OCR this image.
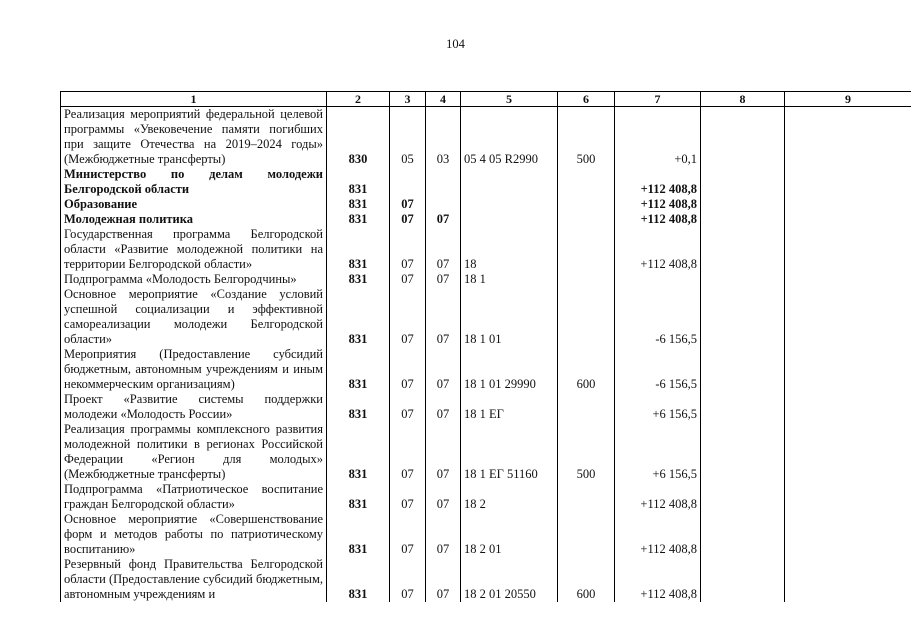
104
1	2	3	4	5	6	7	8	9
Реализация мероприятий федеральной целевой программы «Увековечение памяти погибших при защите Отечества на 2019–2024 годы» (Межбюджетные трансферты)	830	05	03	05 4 05 R2990	500	+0,1		
Министерство по делам молодежи Белгородской области	831					+112 408,8		
Образование	831	07				+112 408,8		
Молодежная политика	831	07	07			+112 408,8		
Государственная программа Белгородской области «Развитие молодежной политики на территории Белгородской области»	831	07	07	18		+112 408,8		
Подпрограмма «Молодость Белгородчины»	831	07	07	18 1				
Основное мероприятие «Создание условий успешной социализации и эффективной самореализации молодежи Белгородской области»	831	07	07	18 1 01		-6 156,5		
Мероприятия (Предоставление субсидий бюджетным, автономным учреждениям и иным некоммерческим организациям)	831	07	07	18 1 01 29990	600	-6 156,5		
Проект «Развитие системы поддержки молодежи «Молодость России»	831	07	07	18 1 ЕГ		+6 156,5		
Реализация программы комплексного развития молодежной политики в регионах Российской Федерации «Регион для молодых» (Межбюджетные трансферты)	831	07	07	18 1 ЕГ 51160	500	+6 156,5		
Подпрограмма «Патриотическое воспитание граждан Белгородской области»	831	07	07	18 2		+112 408,8		
Основное мероприятие «Совершенствование форм и методов работы по патриотическому воспитанию»	831	07	07	18 2 01		+112 408,8		
Резервный фонд Правительства Белгородской области (Предоставление субсидий бюджетным, автономным учреждениям и	831	07	07	18 2 01 20550	600	+112 408,8		
